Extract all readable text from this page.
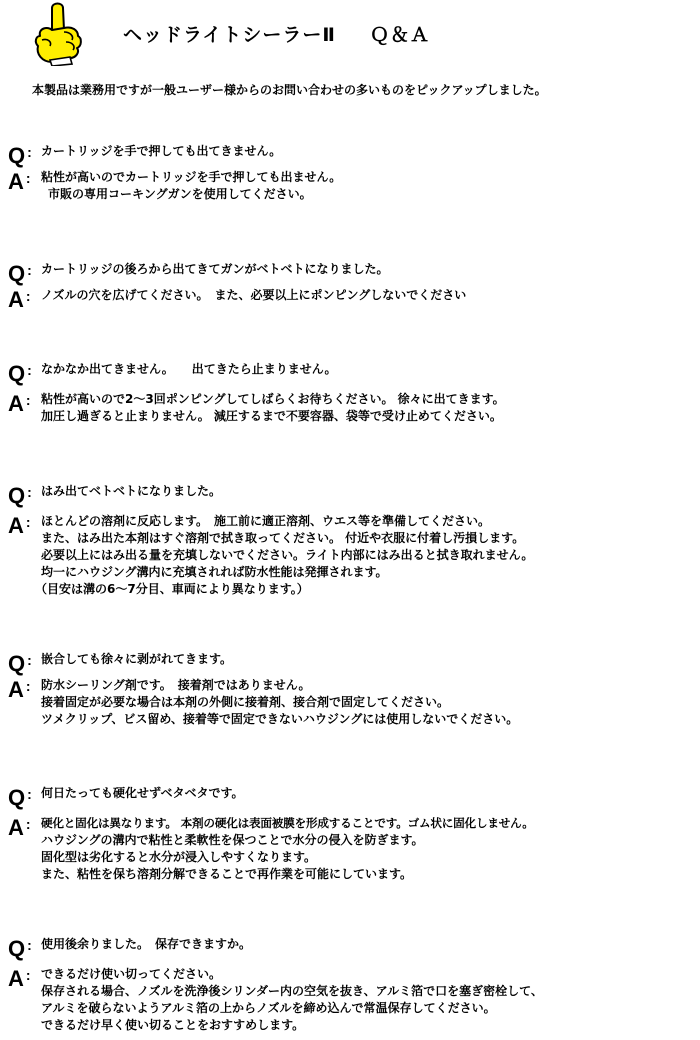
ヘッドライトシーラーⅡ Ｑ＆Ａ
本製品は業務用ですが一般ユーザー様からのお問い合わせの多いものをピックアップしました。
Q : カートリッジを手で押しても出てきません。
A : 粘性が高いのでカートリッジを手で押しても出ません。
市販の専用コーキングガンを使用してください。
Q : カートリッジの後ろから出てきてガンがベトベトになりました。
A : ノズルの穴を広げてください。　また、必要以上にポンピングしないでください
Q : なかなか出てきません。　　出てきたら止まりません。
A : 粘性が高いので2～3回ポンピングしてしばらくお待ちください。 徐々に出てきます。
加圧し過ぎると止まりません。 減圧するまで不要容器、袋等で受け止めてください。
Q : はみ出てベトベトになりました。
A : ほとんどの溶剤に反応します。　施工前に適正溶剤、ウエス等を準備してください。
また、はみ出た本剤はすぐ溶剤で拭き取ってください。 付近や衣服に付着し汚損します。
必要以上にはみ出る量を充填しないでください。ライト内部にはみ出ると拭き取れません。
均一にハウジング溝内に充填されれば防水性能は発揮されます。
（目安は溝の6～7分目、車両により異なります。）
Q : 嵌合しても徐々に剥がれてきます。
A : 防水シーリング剤です。　接着剤ではありません。
接着固定が必要な場合は本剤の外側に接着剤、接合剤で固定してください。
ツメクリップ、ビス留め、接着等で固定できないハウジングには使用しないでください。
Q : 何日たっても硬化せずベタベタです。
A : 硬化と固化は異なります。 本剤の硬化は表面被膜を形成することです。ゴム状に固化しません。
ハウジングの溝内で粘性と柔軟性を保つことで水分の侵入を防ぎます。
固化型は劣化すると水分が浸入しやすくなります。
また、粘性を保ち溶剤分解できることで再作業を可能にしています。
Q : 使用後余りました。　保存できますか。
A : できるだけ使い切ってください。
保存される場合、ノズルを洗浄後シリンダー内の空気を抜き、アルミ箔で口を塞ぎ密栓して、
アルミを破らないようアルミ箔の上からノズルを締め込んで常温保存してください。
できるだけ早く使い切ることをおすすめします。
